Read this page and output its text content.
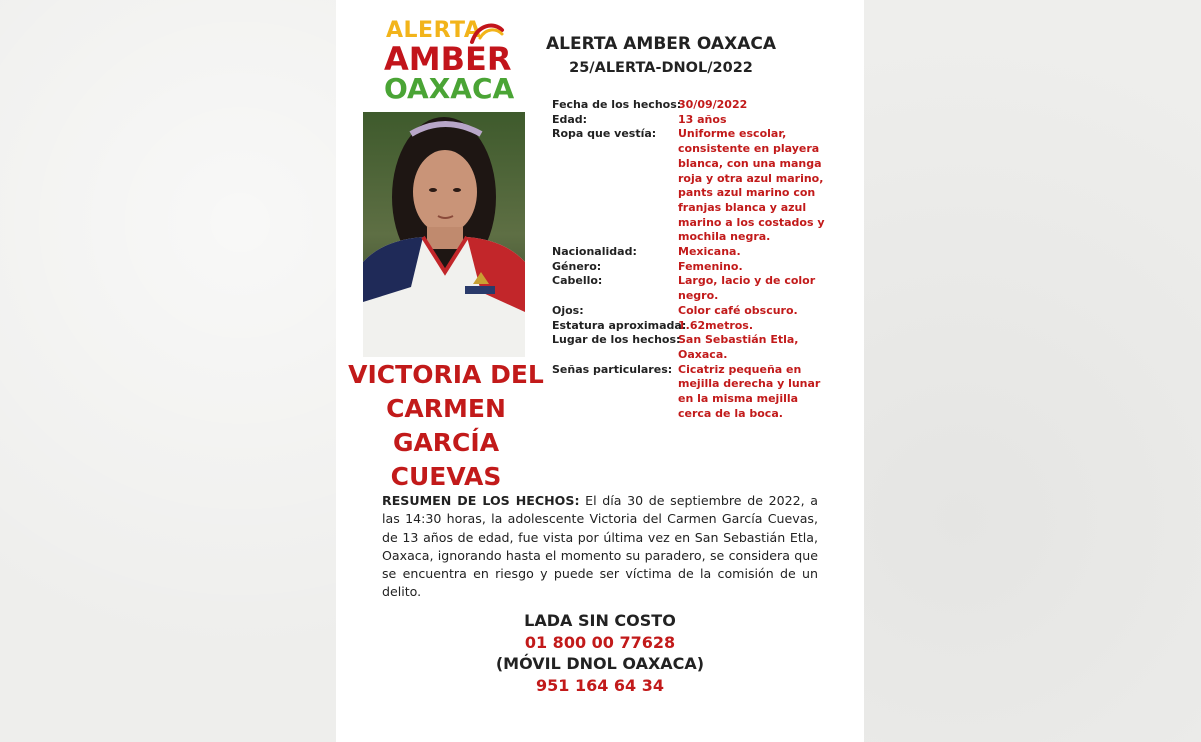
ALERTA
AMBER
OAXACA
VICTORIA DEL
CARMEN GARCÍA
CUEVAS
ALERTA AMBER OAXACA
25/ALERTA-DNOL/2022
Fecha de los hechos:
30/09/2022
Edad:	13 años
Ropa que vestía: Uniforme escolar, consistente en playera blanca, con una manga roja y otra azul marino, pants azul marino con franjas blanca y azul marino a los costados y mochila negra.
Nacionalidad:	Mexicana.
Género:	Femenino.
Cabello:	Largo, lacio y de color negro.
Ojos:	Color café obscuro.
Estatura aproximada:
1.62metros.
Lugar de los hechos:
San Sebastián Etla, Oaxaca.
Señas particulares: Cicatriz pequeña en mejilla derecha y lunar en la misma mejilla cerca de la boca.
RESUMEN DE LOS HECHOS: El día 30 de septiembre de 2022, a las 14:30 horas, la adolescente Victoria del Carmen García Cuevas, de 13 años de edad, fue vista por última vez en San Sebastián Etla, Oaxaca, ignorando hasta el momento su paradero, se considera que se encuentra en riesgo y puede ser víctima de la comisión de un delito.
LADA SIN COSTO
01 800 00 77628
(MÓVIL DNOL OAXACA)
951 164 64 34
